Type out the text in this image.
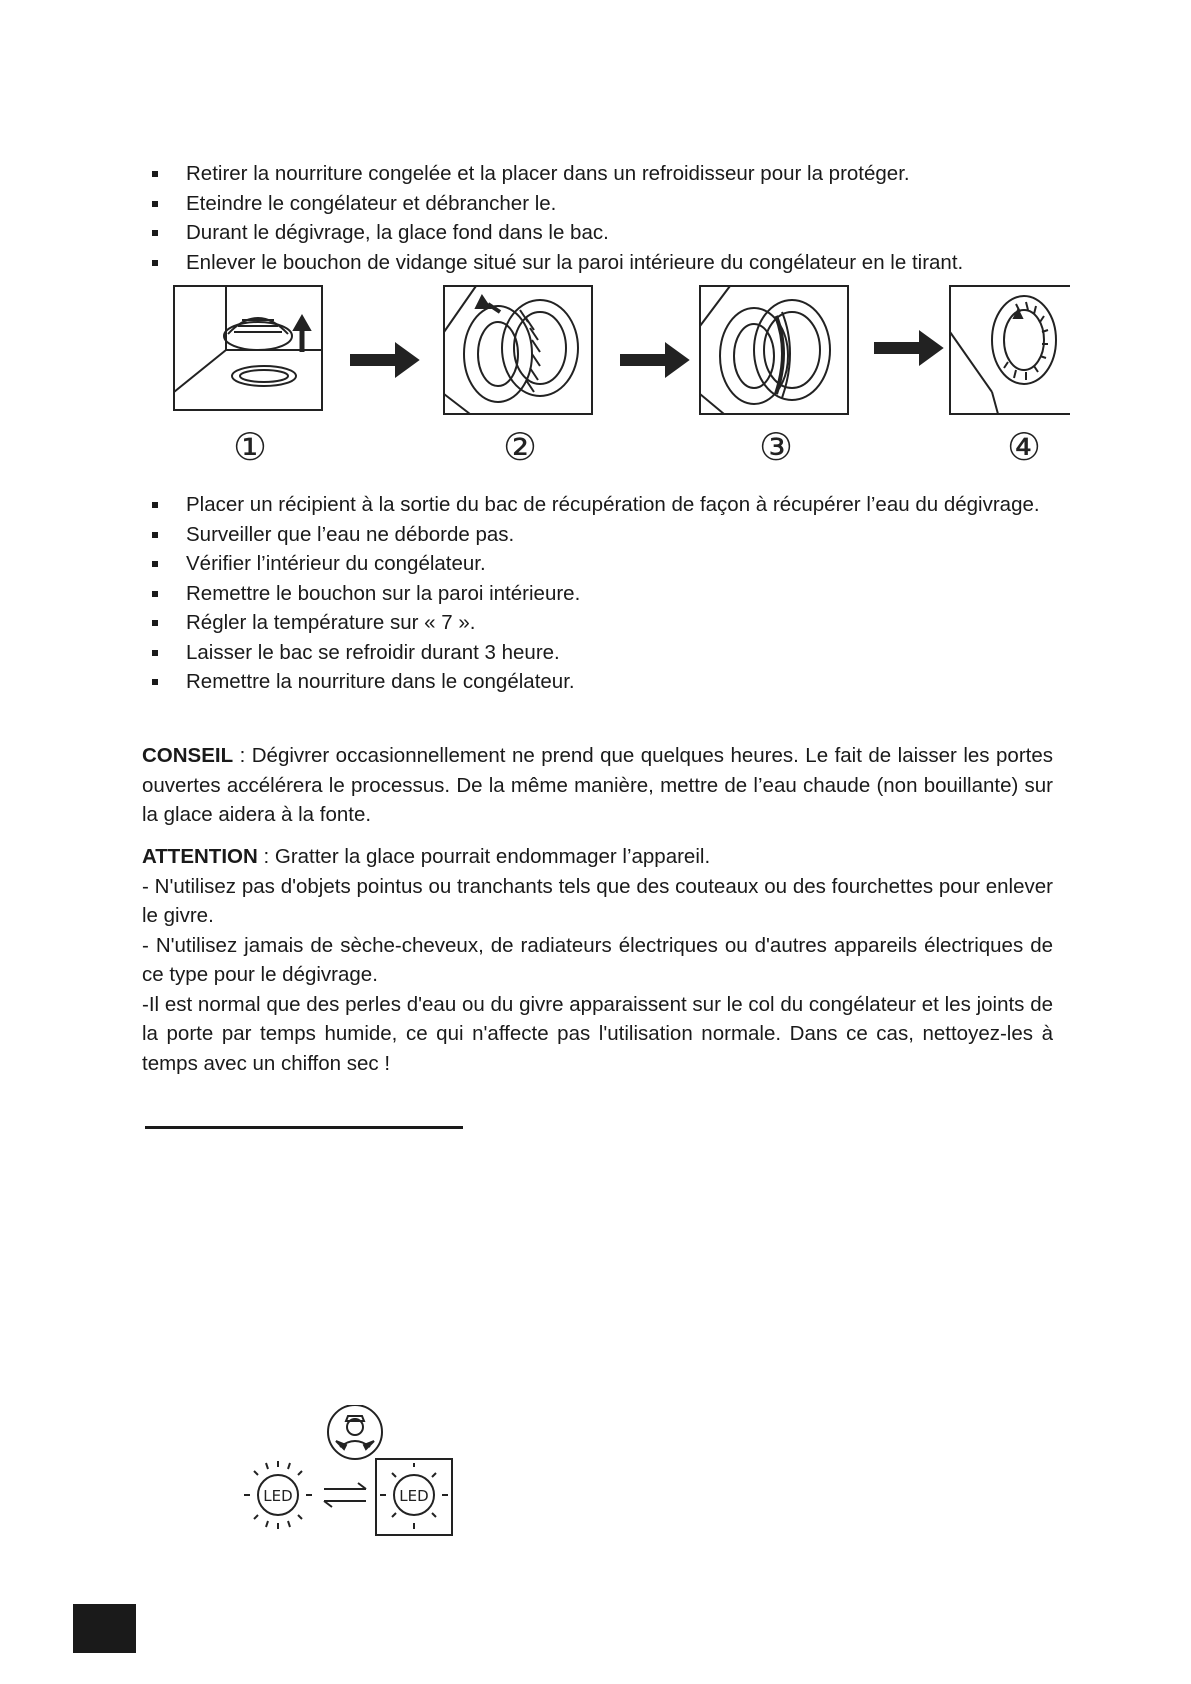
Retirer la nourriture congelée et la placer dans un refroidisseur pour la protéger.
Eteindre le congélateur et débrancher le.
Durant le dégivrage, la glace fond dans le bac.
Enlever le bouchon de vidange situé sur la paroi intérieure du congélateur en le tirant.
①	②	③	④
Placer un récipient à la sortie du bac de récupération de façon à récupérer l’eau du dégivrage.
Surveiller que l’eau ne déborde pas.
Vérifier l’intérieur du congélateur.
Remettre le bouchon sur la paroi intérieure.
Régler la température sur « 7 ».
Laisser le bac se refroidir durant 3 heure.
Remettre la nourriture dans le congélateur.

CONSEIL : Dégivrer occasionnellement ne prend que quelques heures. Le fait de laisser les portes ouvertes accélérera le processus. De la même manière, mettre de l’eau chaude (non bouillante) sur la glace aidera à la fonte.

ATTENTION : Gratter la glace pourrait endommager l’appareil.
- N'utilisez pas d'objets pointus ou tranchants tels que des couteaux ou des fourchettes pour enlever le givre.
- N'utilisez jamais de sèche-cheveux, de radiateurs électriques ou d'autres appareils électriques de ce type pour le dégivrage.
-Il est normal que des perles d'eau ou du givre apparaissent sur le col du congélateur et les joints de la porte par temps humide, ce qui n'affecte pas l'utilisation normale. Dans ce cas, nettoyez-les à temps avec un chiffon sec !
LED	LED
